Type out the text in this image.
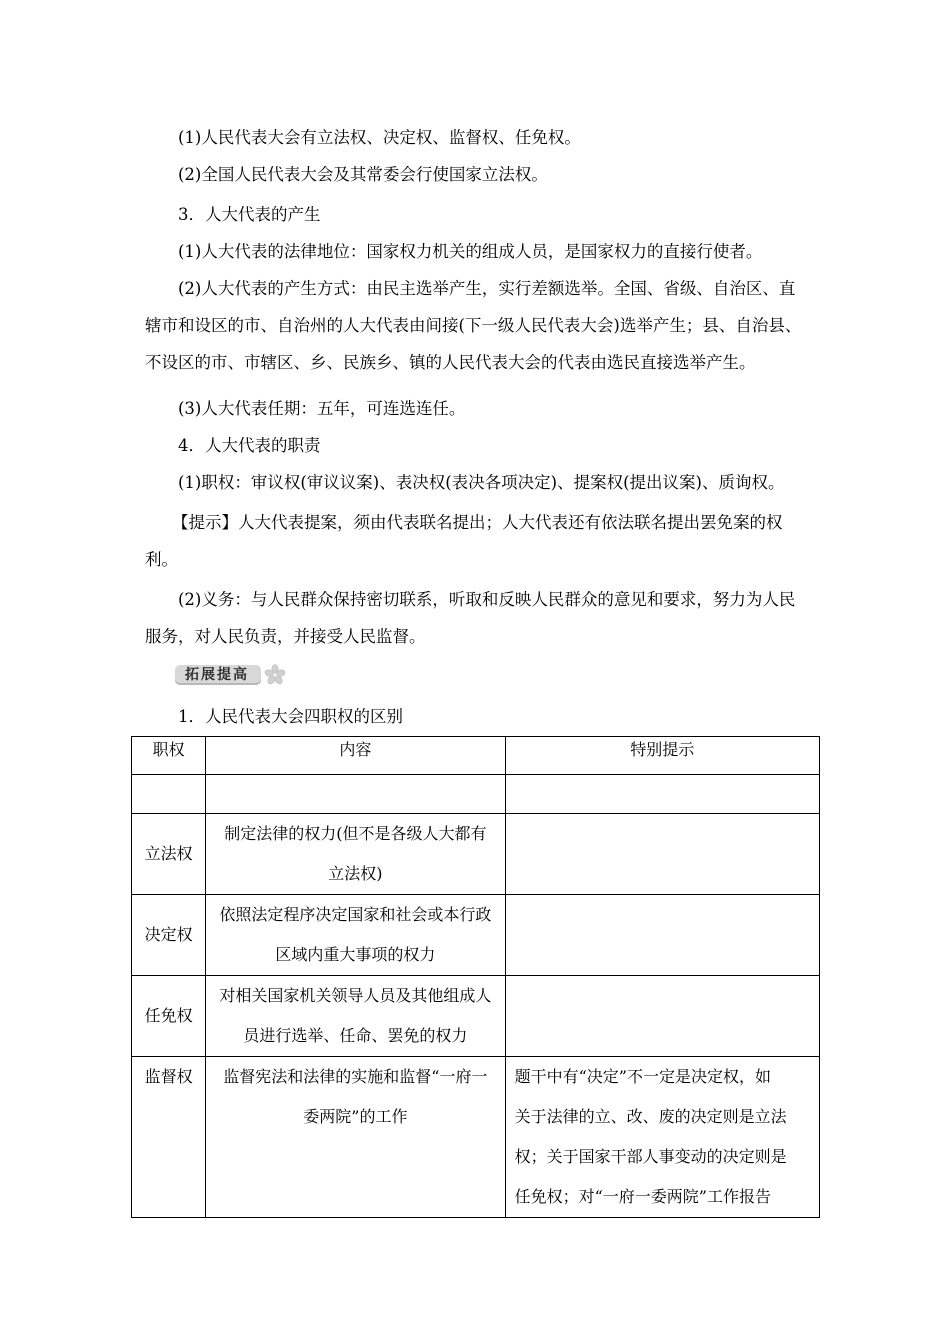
(1)人民代表大会有立法权、决定权、监督权、任免权。
(2)全国人民代表大会及其常委会行使国家立法权。
3．人大代表的产生
(1)人大代表的法律地位：国家权力机关的组成人员，是国家权力的直接行使者。
(2)人大代表的产生方式：由民主选举产生，实行差额选举。全国、省级、自治区、直
辖市和设区的市、自治州的人大代表由间接(下一级人民代表大会)选举产生；县、自治县、
不设区的市、市辖区、乡、民族乡、镇的人民代表大会的代表由选民直接选举产生。
(3)人大代表任期：五年，可连选连任。
4．人大代表的职责
(1)职权：审议权(审议议案)、表决权(表决各项决定)、提案权(提出议案)、质询权。
【提示】人大代表提案，须由代表联名提出；人大代表还有依法联名提出罢免案的权
利。
(2)义务：与人民群众保持密切联系，听取和反映人民群众的意见和要求，努力为人民
服务，对人民负责，并接受人民监督。
拓展提高
1．人民代表大会四职权的区别
职权	内容	特别提示

立法权	制定法律的权力(但不是各级人大都有
立法权)	

决定权	依照法定程序决定国家和社会或本行政
区域内重大事项的权力	

任免权	对相关国家机关领导人员及其他组成人
员进行选举、任命、罢免的权力	

监督权	监督宪法和法律的实施和监督“一府一
委两院”的工作	题干中有“决定”不一定是决定权，如
关于法律的立、改、废的决定则是立法
权；关于国家干部人事变动的决定则是
任免权；对“一府一委两院”工作报告
